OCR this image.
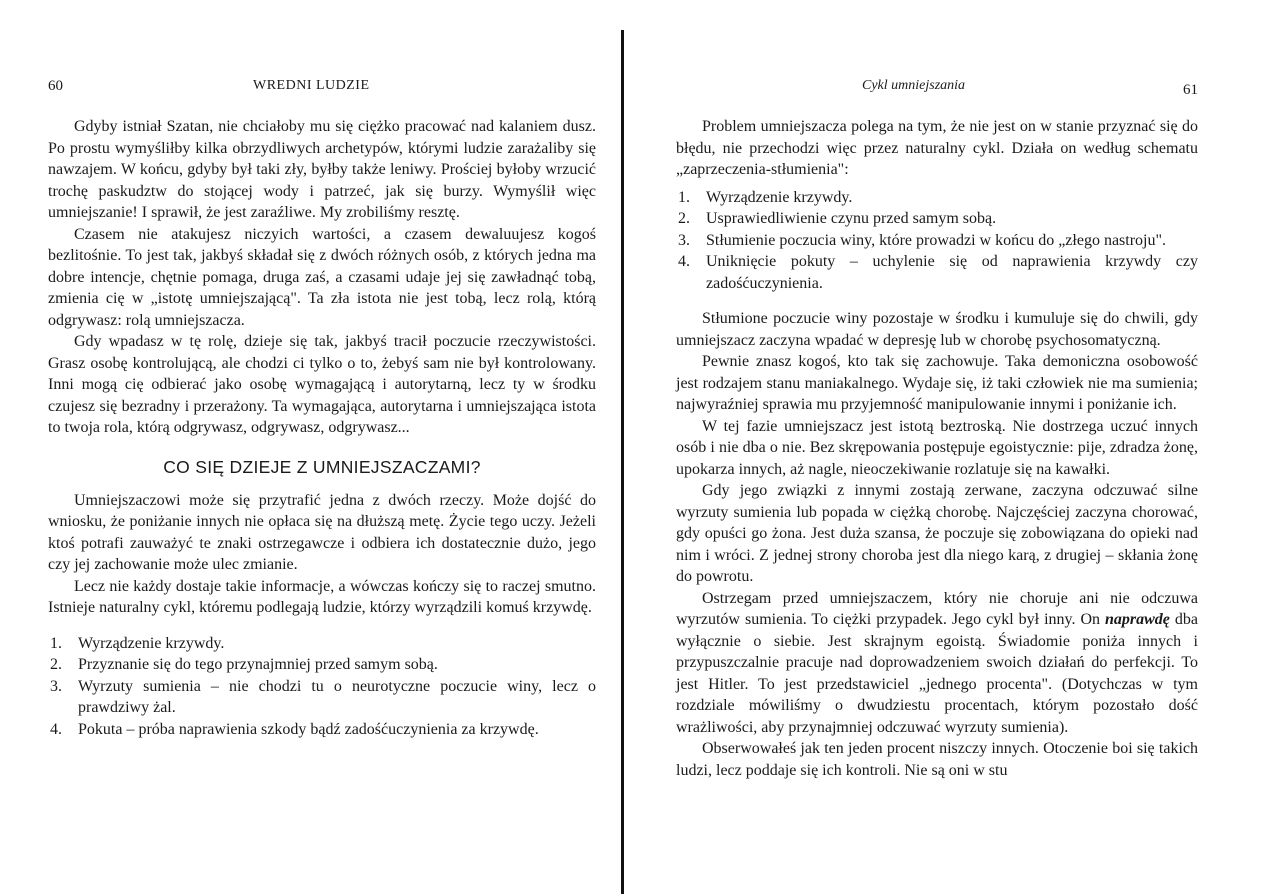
60	WREDNI LUDZIE

Gdyby istniał Szatan, nie chciałoby mu się ciężko pracować nad kalaniem dusz. Po prostu wymyśliłby kilka obrzydliwych archetypów, którymi ludzie zarażaliby się nawzajem. W końcu, gdyby był taki zły, byłby także leniwy. Prościej byłoby wrzucić trochę paskudztw do stojącej wody i patrzeć, jak się burzy. Wymyślił więc umniejszanie! I sprawił, że jest zaraźliwe. My zrobiliśmy resztę.

Czasem nie atakujesz niczyich wartości, a czasem dewaluujesz kogoś bezlitośnie. To jest tak, jakbyś składał się z dwóch różnych osób, z których jedna ma dobre intencje, chętnie pomaga, druga zaś, a czasami udaje jej się zawładnąć tobą, zmienia cię w „istotę umniejszającą". Ta zła istota nie jest tobą, lecz rolą, którą odgrywasz: rolą umniejszacza.

Gdy wpadasz w tę rolę, dzieje się tak, jakbyś tracił poczucie rzeczywistości. Grasz osobę kontrolującą, ale chodzi ci tylko o to, żebyś sam nie był kontrolowany. Inni mogą cię odbierać jako osobę wymagającą i autorytarną, lecz ty w środku czujesz się bezradny i przerażony. Ta wymagająca, autorytarna i umniejszająca istota to twoja rola, którą odgrywasz, odgrywasz, odgrywasz...

CO SIĘ DZIEJE Z UMNIEJSZACZAMI?

Umniejszaczowi może się przytrafić jedna z dwóch rzeczy. Może dojść do wniosku, że poniżanie innych nie opłaca się na dłuższą metę. Życie tego uczy. Jeżeli ktoś potrafi zauważyć te znaki ostrzegawcze i odbiera ich dostatecznie dużo, jego czy jej zachowanie może ulec zmianie.

Lecz nie każdy dostaje takie informacje, a wówczas kończy się to raczej smutno. Istnieje naturalny cykl, któremu podlegają ludzie, którzy wyrządzili komuś krzywdę.

1. Wyrządzenie krzywdy.
2. Przyznanie się do tego przynajmniej przed samym sobą.
3. Wyrzuty sumienia – nie chodzi tu o neurotyczne poczucie winy, lecz o prawdziwy żal.
4. Pokuta – próba naprawienia szkody bądź zadośćuczynienia za krzywdę.
Cykl umniejszania	61

Problem umniejszacza polega na tym, że nie jest on w stanie przyznać się do błędu, nie przechodzi więc przez naturalny cykl. Działa on według schematu „zaprzeczenia-stłumienia":

1. Wyrządzenie krzywdy.
2. Usprawiedliwienie czynu przed samym sobą.
3. Stłumienie poczucia winy, które prowadzi w końcu do „złego nastroju".
4. Uniknięcie pokuty – uchylenie się od naprawienia krzywdy czy zadośćuczynienia.

Stłumione poczucie winy pozostaje w środku i kumuluje się do chwili, gdy umniejszacz zaczyna wpadać w depresję lub w chorobę psychosomatyczną.

Pewnie znasz kogoś, kto tak się zachowuje. Taka demoniczna osobowość jest rodzajem stanu maniakalnego. Wydaje się, iż taki człowiek nie ma sumienia; najwyraźniej sprawia mu przyjemność manipulowanie innymi i poniżanie ich.

W tej fazie umniejszacz jest istotą beztroską. Nie dostrzega uczuć innych osób i nie dba o nie. Bez skrępowania postępuje egoistycznie: pije, zdradza żonę, upokarza innych, aż nagle, nieoczekiwanie rozlatuje się na kawałki.

Gdy jego związki z innymi zostają zerwane, zaczyna odczuwać silne wyrzuty sumienia lub popada w ciężką chorobę. Najczęściej zaczyna chorować, gdy opuści go żona. Jest duża szansa, że poczuje się zobowiązana do opieki nad nim i wróci. Z jednej strony choroba jest dla niego karą, z drugiej – skłania żonę do powrotu.

Ostrzegam przed umniejszaczem, który nie choruje ani nie odczuwa wyrzutów sumienia. To ciężki przypadek. Jego cykl był inny. On naprawdę dba wyłącznie o siebie. Jest skrajnym egoistą. Świadomie poniża innych i przypuszczalnie pracuje nad doprowadzeniem swoich działań do perfekcji. To jest Hitler. To jest przedstawiciel „jednego procenta". (Dotychczas w tym rozdziale mówiliśmy o dwudziestu procentach, którym pozostało dość wrażliwości, aby przynajmniej odczuwać wyrzuty sumienia).

Obserwowałeś jak ten jeden procent niszczy innych. Otoczenie boi się takich ludzi, lecz poddaje się ich kontroli. Nie są oni w stu
